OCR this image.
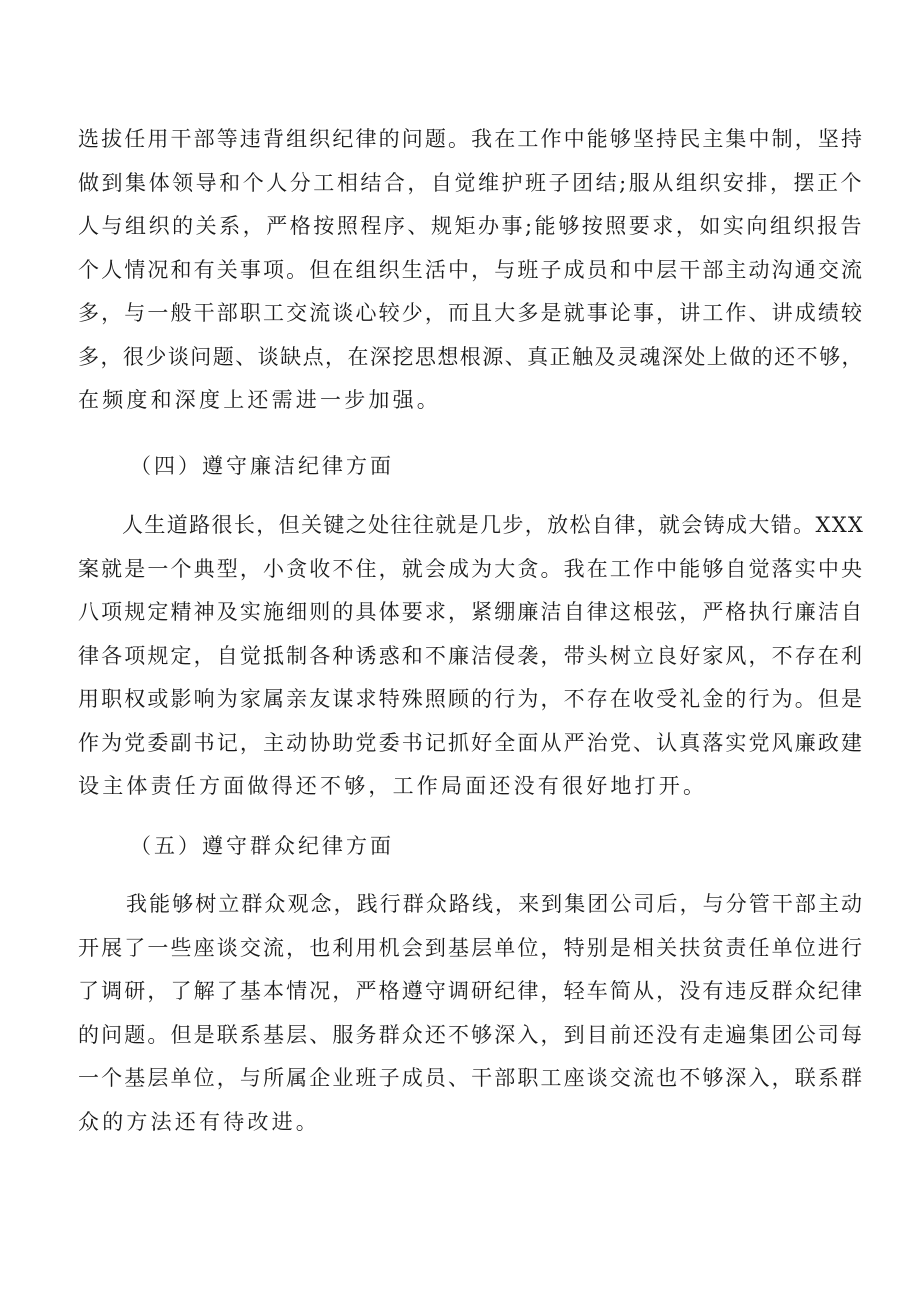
选拔任用干部等违背组织纪律的问题。我在工作中能够坚持民主集中制，坚持
做到集体领导和个人分工相结合，自觉维护班子团结;服从组织安排，摆正个
人与组织的关系，严格按照程序、规矩办事;能够按照要求，如实向组织报告
个人情况和有关事项。但在组织生活中，与班子成员和中层干部主动沟通交流
多，与一般干部职工交流谈心较少，而且大多是就事论事，讲工作、讲成绩较
多，很少谈问题、谈缺点，在深挖思想根源、真正触及灵魂深处上做的还不够，
在频度和深度上还需进一步加强。

（四）遵守廉洁纪律方面

人生道路很长，但关键之处往往就是几步，放松自律，就会铸成大错。XXX
案就是一个典型，小贪收不住，就会成为大贪。我在工作中能够自觉落实中央
八项规定精神及实施细则的具体要求，紧绷廉洁自律这根弦，严格执行廉洁自
律各项规定，自觉抵制各种诱惑和不廉洁侵袭，带头树立良好家风，不存在利
用职权或影响为家属亲友谋求特殊照顾的行为，不存在收受礼金的行为。但是
作为党委副书记，主动协助党委书记抓好全面从严治党、认真落实党风廉政建
设主体责任方面做得还不够，工作局面还没有很好地打开。

（五）遵守群众纪律方面

我能够树立群众观念，践行群众路线，来到集团公司后，与分管干部主动
开展了一些座谈交流，也利用机会到基层单位，特别是相关扶贫责任单位进行
了调研，了解了基本情况，严格遵守调研纪律，轻车简从，没有违反群众纪律
的问题。但是联系基层、服务群众还不够深入，到目前还没有走遍集团公司每
一个基层单位，与所属企业班子成员、干部职工座谈交流也不够深入，联系群
众的方法还有待改进。
